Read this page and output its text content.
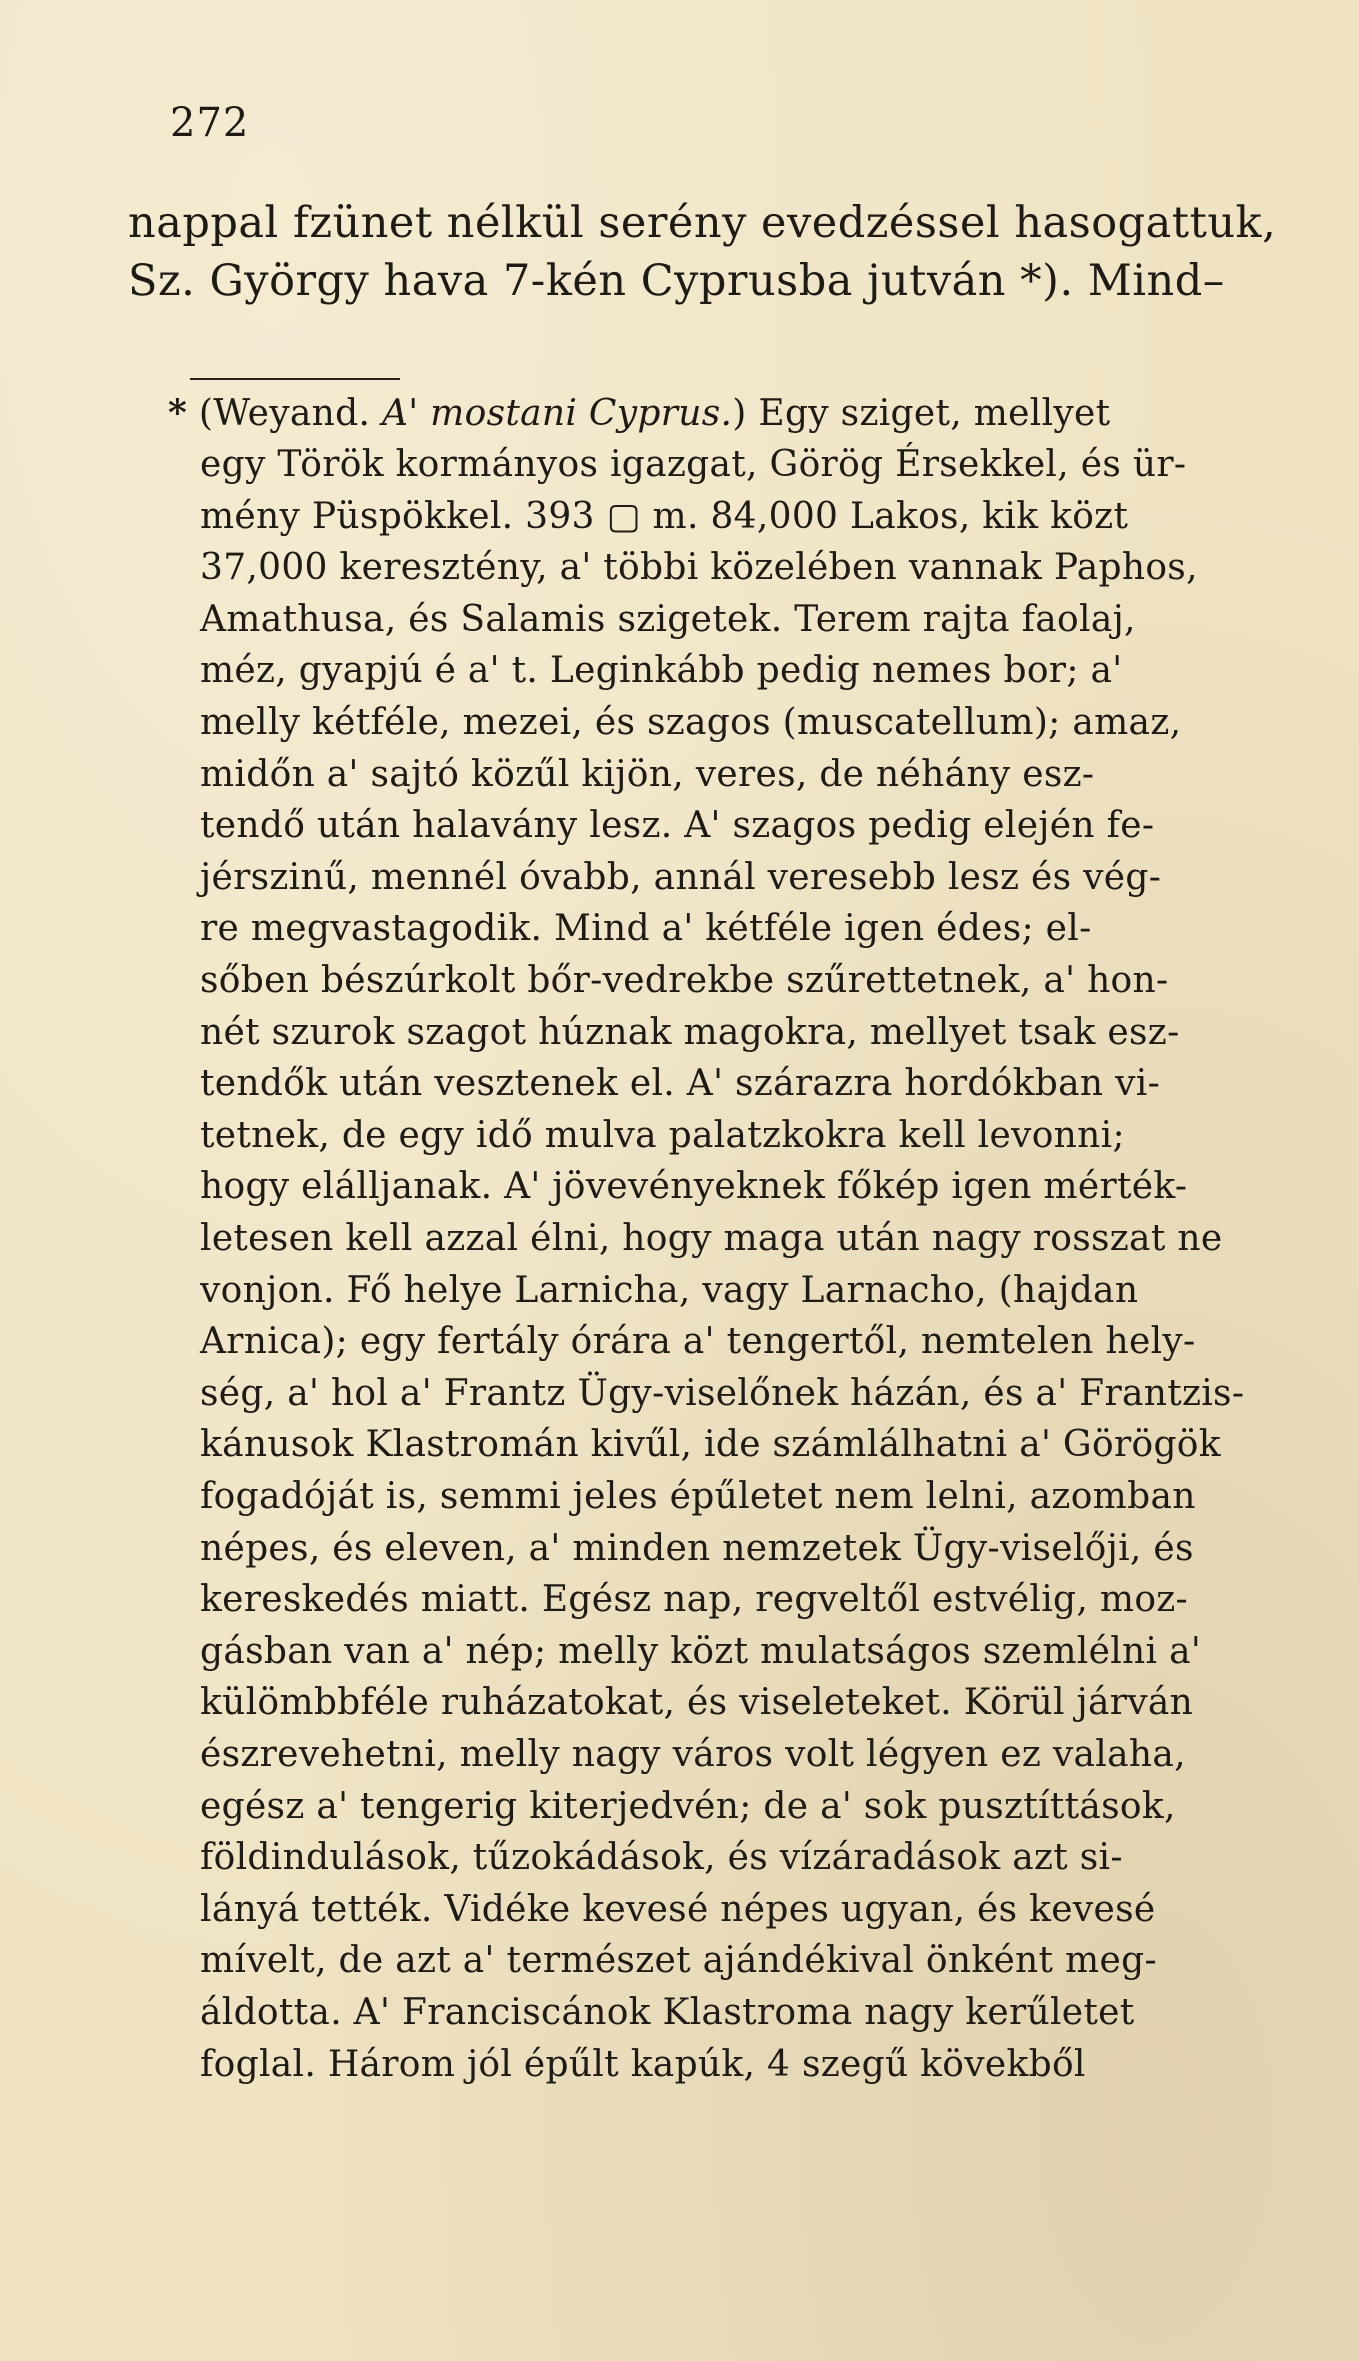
272
nappal fzünet nélkül serény evedzéssel hasogattuk,
Sz. György hava 7-kén Cyprusba jutván *). Mind–
* (Weyand. A' mostani Cyprus.) Egy sziget, mellyet
egy Török kormányos igazgat, Görög Érsekkel, és ür-
mény Püspökkel. 393 ▢ m. 84,000 Lakos, kik közt
37,000 keresztény, a' többi közelében vannak Paphos,
Amathusa, és Salamis szigetek. Terem rajta faolaj,
méz, gyapjú é a' t. Leginkább pedig nemes bor; a'
melly kétféle, mezei, és szagos (muscatellum); amaz,
midőn a' sajtó közűl kijön, veres, de néhány esz-
tendő után halavány lesz. A' szagos pedig elején fe-
jérszinű, mennél óvabb, annál veresebb lesz és vég-
re megvastagodik. Mind a' kétféle igen édes; el-
sőben bészúrkolt bőr-vedrekbe szűrettetnek, a' hon-
nét szurok szagot húznak magokra, mellyet tsak esz-
tendők után vesztenek el. A' szárazra hordókban vi-
tetnek, de egy idő mulva palatzkokra kell levonni;
hogy elálljanak. A' jövevényeknek főkép igen mérték-
letesen kell azzal élni, hogy maga után nagy rosszat ne
vonjon. Fő helye Larnicha, vagy Larnacho, (hajdan
Arnica); egy fertály órára a' tengertől, nemtelen hely-
ség, a' hol a' Frantz Ügy-viselőnek házán, és a' Frantzis-
kánusok Klastromán kivűl, ide számlálhatni a' Görögök
fogadóját is, semmi jeles épűletet nem lelni, azomban
népes, és eleven, a' minden nemzetek Ügy-viselőji, és
kereskedés miatt. Egész nap, regveltől estvélig, moz-
gásban van a' nép; melly közt mulatságos szemlélni a'
külömbbféle ruházatokat, és viseleteket. Körül járván
észrevehetni, melly nagy város volt légyen ez valaha,
egész a' tengerig kiterjedvén; de a' sok pusztíttások,
földindulások, tűzokádások, és vízáradások azt si-
lányá tették. Vidéke kevesé népes ugyan, és kevesé
mívelt, de azt a' természet ajándékival önként meg-
áldotta. A' Franciscánok Klastroma nagy kerűletet
foglal. Három jól épűlt kapúk, 4 szegű kövekből
